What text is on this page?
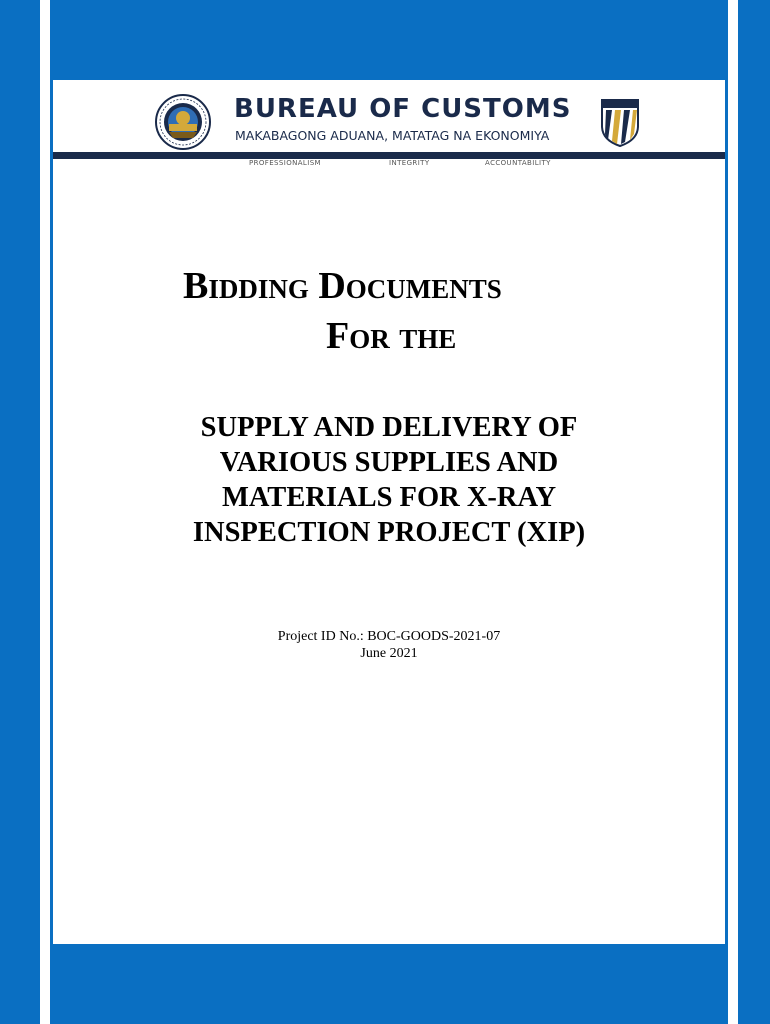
BUREAU OF CUSTOMS
MAKABAGONG ADUANA, MATATAG NA EKONOMIYA
PROFESSIONALISM	INTEGRITY	ACCOUNTABILITY
Bidding Documents
For the
SUPPLY AND DELIVERY OF
VARIOUS SUPPLIES AND
MATERIALS FOR X-RAY
INSPECTION PROJECT (XIP)
Project ID No.: BOC-GOODS-2021-07
June 2021
